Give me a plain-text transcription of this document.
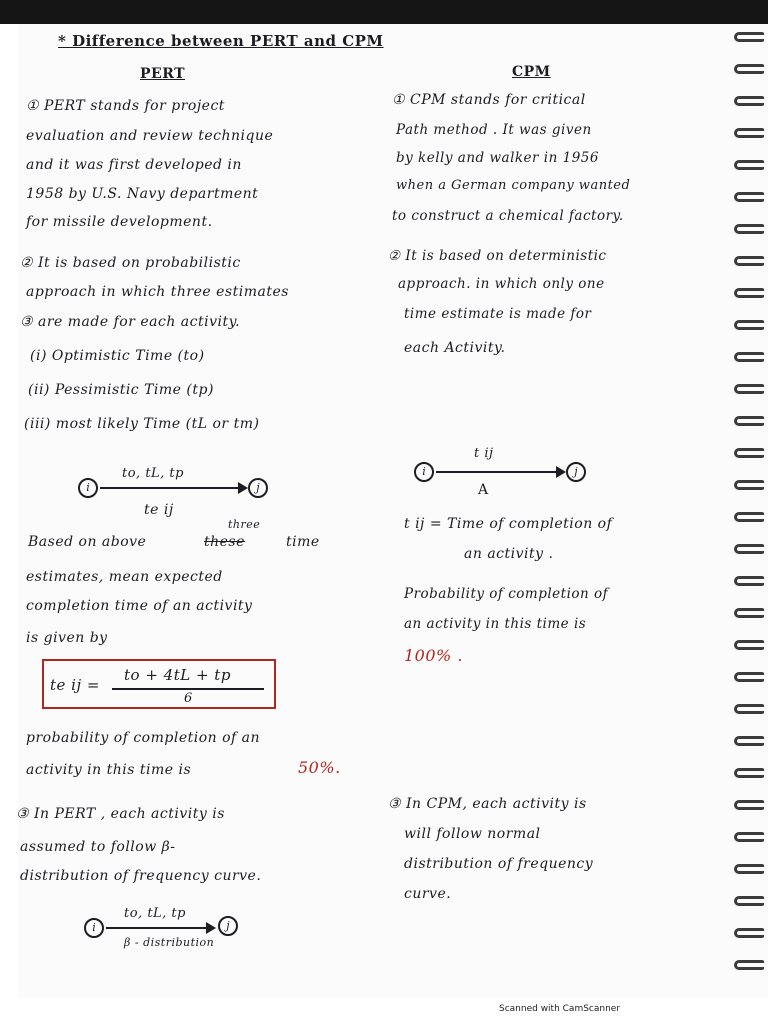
* Difference between PERT and CPM
PERT
① PERT stands for project
evaluation and review technique
and it was first developed in
1958 by U.S. Navy department
for missile development.
② It is based on probabilistic
approach in which three estimates
③ are made for each activity.
(i) Optimistic Time (to)
(ii) Pessimistic Time (tp)
(iii) most likely Time (tL or tm)
to, tL, tp
i	j
te ij
Based on above	these
three
time
estimates, mean expected
completion time of an activity
is given by
te ij =
to + 4tL + tp
6
probability of completion of an
activity in this time is	50%.
③ In PERT , each activity is
assumed to follow β-
distribution of frequency curve.
to, tL, tp
i	j
β - distribution
CPM
① CPM stands for critical
Path method . It was given
by kelly and walker in 1956
when a German company wanted
to construct a chemical factory.
② It is based on deterministic
approach. in which only one
time estimate is made for
each Activity.
t ij
i	j
A
t ij = Time of completion of
an activity .
Probability of completion of
an activity in this time is
100% .
③ In CPM, each activity is
will follow normal
distribution of frequency
curve.
Scanned with CamScanner
